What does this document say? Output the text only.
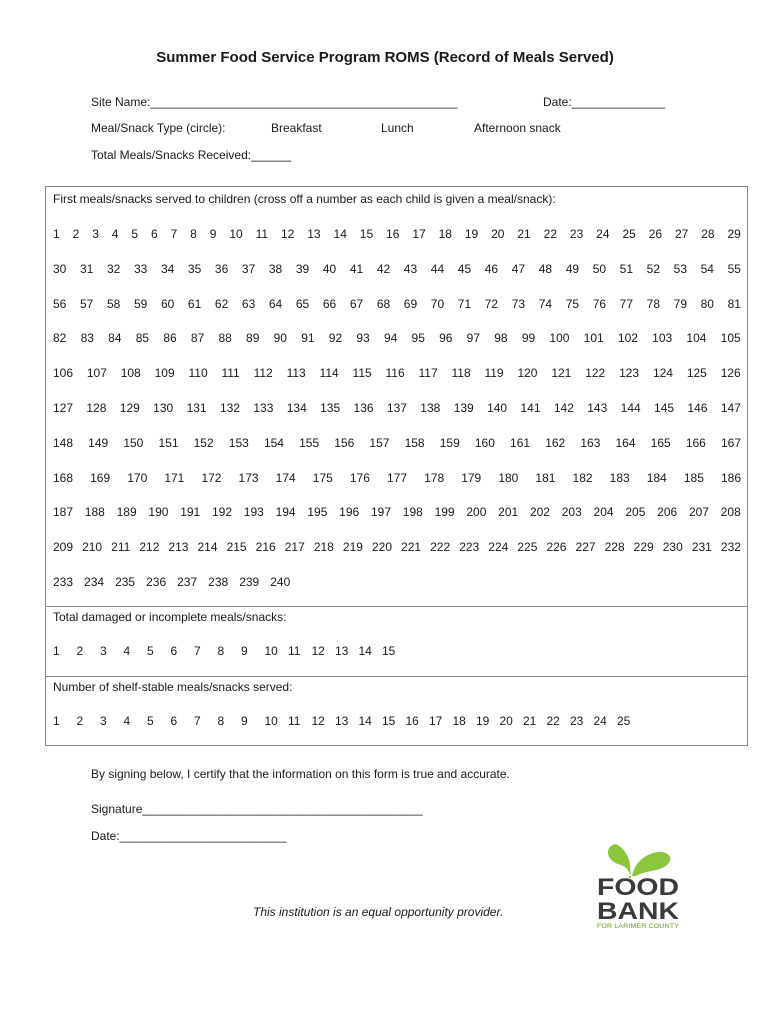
Summer Food Service Program ROMS (Record of Meals Served)
Site Name:______________________________________________	Date:______________
Meal/Snack Type (circle):	Breakfast	Lunch	Afternoon snack
Total Meals/Snacks Received:______
First meals/snacks served to children (cross off a number as each child is given a meal/snack):
1 2 3 4 5 6 7 8 9 10 11 12 13 14 15 16 17 18 19 20 21 22 23 24 25 26 27 28 29
30 31 32 33 34 35 36 37 38 39 40 41 42 43 44 45 46 47 48 49 50 51 52 53 54 55
56 57 58 59 60 61 62 63 64 65 66 67 68 69 70 71 72 73 74 75 76 77 78 79 80 81
82 83 84 85 86 87 88 89 90 91 92 93 94 95 96 97 98 99 100 101 102 103 104 105
106 107 108 109 110 111 112 113 114 115 116 117 118 119 120 121 122 123 124 125 126
127 128 129 130 131 132 133 134 135 136 137 138 139 140 141 142 143 144 145 146 147
148 149 150 151 152 153 154 155 156 157 158 159 160 161 162 163 164 165 166 167
168 169 170 171 172 173 174 175 176 177 178 179 180 181 182 183 184 185 186
187 188 189 190 191 192 193 194 195 196 197 198 199 200 201 202 203 204 205 206 207 208
209 210 211 212 213 214 215 216 217 218 219 220 221 222 223 224 225 226 227 228 229 230 231 232
233 234 235 236 237 238 239 240
Total damaged or incomplete meals/snacks:
1	2	3	4	5	6	7	8	9	10 11 12 13 14 15
Number of shelf-stable meals/snacks served:
1	2	3	4	5	6	7	8	9	10 11 12 13 14 15 16 17 18 19 20 21 22 23 24 25
By signing below, I certify that the information on this form is true and accurate.
Signature__________________________________________
Date:_________________________
This institution is an equal opportunity provider.
FOOD
BANK
FOR LARIMER COUNTY
